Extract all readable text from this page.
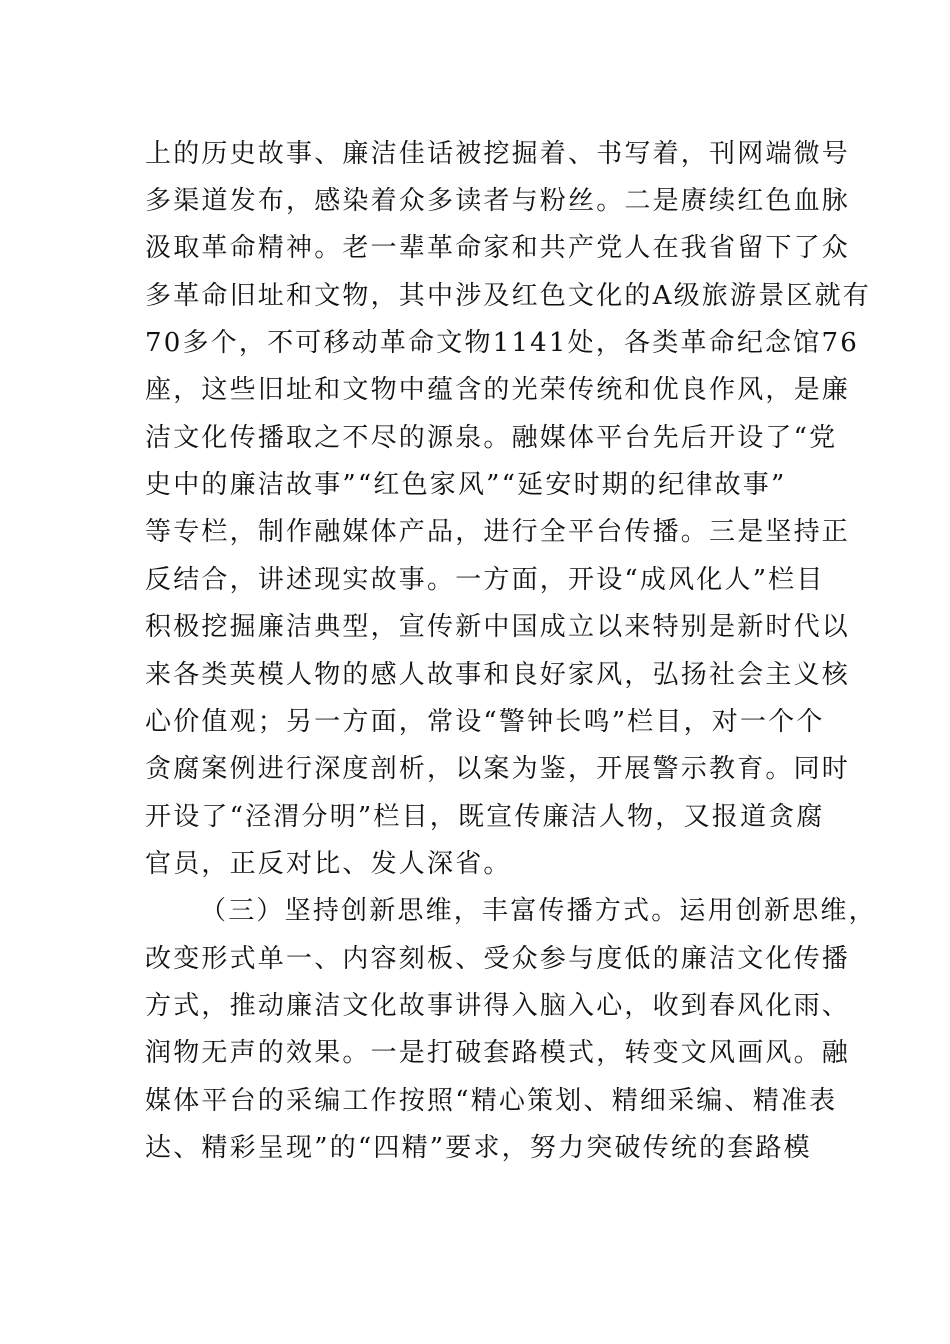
上的历史故事、廉洁佳话被挖掘着、书写着，刊网端微号
多渠道发布，感染着众多读者与粉丝。二是赓续红色血脉
汲取革命精神。老一辈革命家和共产党人在我省留下了众
多革命旧址和文物，其中涉及红色文化的A级旅游景区就有
70多个，不可移动革命文物1141处，各类革命纪念馆76
座，这些旧址和文物中蕴含的光荣传统和优良作风，是廉
洁文化传播取之不尽的源泉。融媒体平台先后开设了“党
史中的廉洁故事”“红色家风”“延安时期的纪律故事”
等专栏，制作融媒体产品，进行全平台传播。三是坚持正
反结合，讲述现实故事。一方面，开设“成风化人”栏目
积极挖掘廉洁典型，宣传新中国成立以来特别是新时代以
来各类英模人物的感人故事和良好家风，弘扬社会主义核
心价值观；另一方面，常设“警钟长鸣”栏目，对一个个
贪腐案例进行深度剖析，以案为鉴，开展警示教育。同时
开设了“泾渭分明”栏目，既宣传廉洁人物，又报道贪腐
官员，正反对比、发人深省。
（三）坚持创新思维，丰富传播方式。运用创新思维，
改变形式单一、内容刻板、受众参与度低的廉洁文化传播
方式，推动廉洁文化故事讲得入脑入心，收到春风化雨、
润物无声的效果。一是打破套路模式，转变文风画风。融
媒体平台的采编工作按照“精心策划、精细采编、精准表
达、精彩呈现”的“四精”要求，努力突破传统的套路模
